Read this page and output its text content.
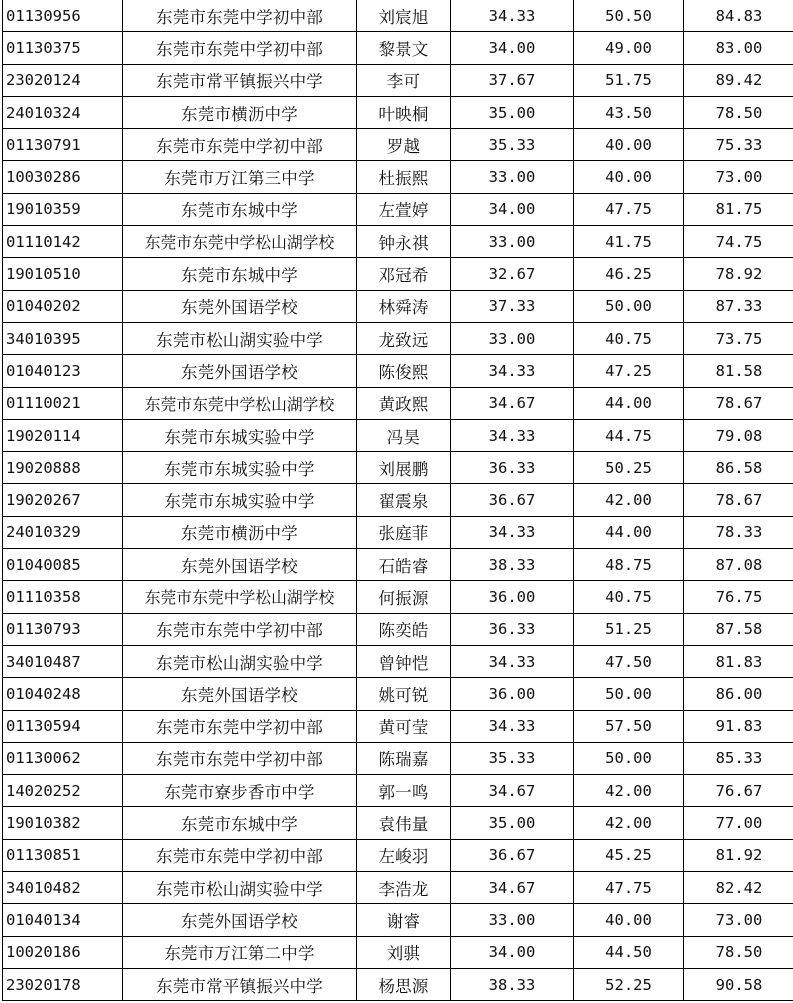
01130956	东莞市东莞中学初中部	刘宸旭	34.33	50.50	84.83
01130375	东莞市东莞中学初中部	黎景文	34.00	49.00	83.00
23020124	东莞市常平镇振兴中学	李可	37.67	51.75	89.42
24010324	东莞市横沥中学	叶映桐	35.00	43.50	78.50
01130791	东莞市东莞中学初中部	罗越	35.33	40.00	75.33
10030286	东莞市万江第三中学	杜振熙	33.00	40.00	73.00
19010359	东莞市东城中学	左萱婷	34.00	47.75	81.75
01110142	东莞市东莞中学松山湖学校	钟永祺	33.00	41.75	74.75
19010510	东莞市东城中学	邓冠希	32.67	46.25	78.92
01040202	东莞外国语学校	林舜涛	37.33	50.00	87.33
34010395	东莞市松山湖实验中学	龙致远	33.00	40.75	73.75
01040123	东莞外国语学校	陈俊熙	34.33	47.25	81.58
01110021	东莞市东莞中学松山湖学校	黄政熙	34.67	44.00	78.67
19020114	东莞市东城实验中学	冯昊	34.33	44.75	79.08
19020888	东莞市东城实验中学	刘展鹏	36.33	50.25	86.58
19020267	东莞市东城实验中学	翟震泉	36.67	42.00	78.67
24010329	东莞市横沥中学	张庭菲	34.33	44.00	78.33
01040085	东莞外国语学校	石皓睿	38.33	48.75	87.08
01110358	东莞市东莞中学松山湖学校	何振源	36.00	40.75	76.75
01130793	东莞市东莞中学初中部	陈奕皓	36.33	51.25	87.58
34010487	东莞市松山湖实验中学	曾钟恺	34.33	47.50	81.83
01040248	东莞外国语学校	姚可锐	36.00	50.00	86.00
01130594	东莞市东莞中学初中部	黄可莹	34.33	57.50	91.83
01130062	东莞市东莞中学初中部	陈瑞嘉	35.33	50.00	85.33
14020252	东莞市寮步香市中学	郭一鸣	34.67	42.00	76.67
19010382	东莞市东城中学	袁伟量	35.00	42.00	77.00
01130851	东莞市东莞中学初中部	左峻羽	36.67	45.25	81.92
34010482	东莞市松山湖实验中学	李浩龙	34.67	47.75	82.42
01040134	东莞外国语学校	谢睿	33.00	40.00	73.00
10020186	东莞市万江第二中学	刘骐	34.00	44.50	78.50
23020178	东莞市常平镇振兴中学	杨思源	38.33	52.25	90.58
